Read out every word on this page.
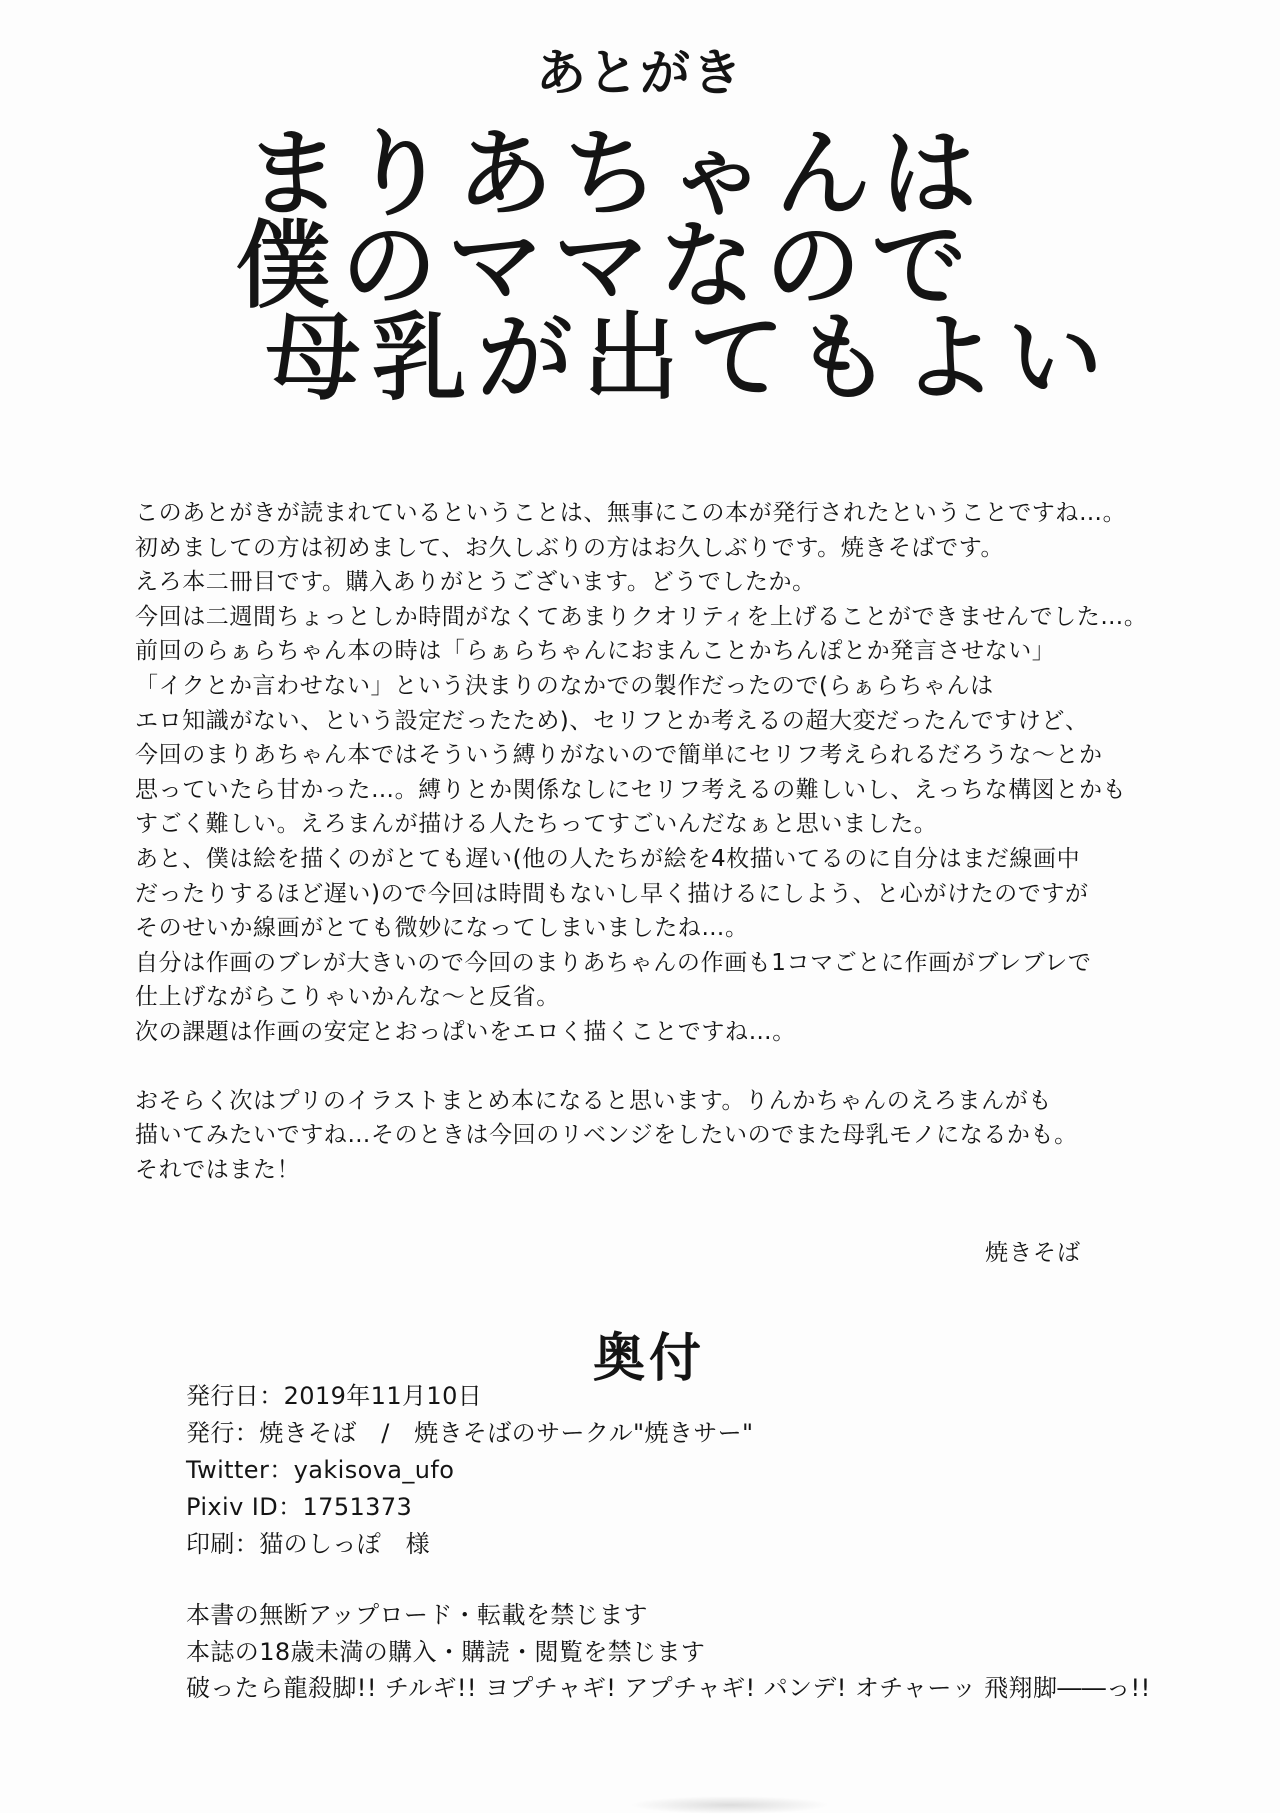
あとがき
まりあちゃんは
僕のママなので
母乳が出てもよい
このあとがきが読まれているということは、無事にこの本が発行されたということですね…。
初めましての方は初めまして、お久しぶりの方はお久しぶりです。焼きそばです。
えろ本二冊目です。購入ありがとうございます。どうでしたか。
今回は二週間ちょっとしか時間がなくてあまりクオリティを上げることができませんでした…。
前回のらぁらちゃん本の時は「らぁらちゃんにおまんことかちんぽとか発言させない」
「イクとか言わせない」という決まりのなかでの製作だったので(らぁらちゃんは
エロ知識がない、という設定だったため)、セリフとか考えるの超大変だったんですけど、
今回のまりあちゃん本ではそういう縛りがないので簡単にセリフ考えられるだろうな〜とか
思っていたら甘かった…。縛りとか関係なしにセリフ考えるの難しいし、えっちな構図とかも
すごく難しい。えろまんが描ける人たちってすごいんだなぁと思いました。
あと、僕は絵を描くのがとても遅い(他の人たちが絵を4枚描いてるのに自分はまだ線画中
だったりするほど遅い)ので今回は時間もないし早く描けるにしよう、と心がけたのですが
そのせいか線画がとても微妙になってしまいましたね…。
自分は作画のブレが大きいので今回のまりあちゃんの作画も1コマごとに作画がブレブレで
仕上げながらこりゃいかんな〜と反省。
次の課題は作画の安定とおっぱいをエロく描くことですね…。
おそらく次はプリのイラストまとめ本になると思います。りんかちゃんのえろまんがも
描いてみたいですね…そのときは今回のリベンジをしたいのでまた母乳モノになるかも。
それではまた！
焼きそば
奥付
発行日：2019年11月10日
発行：焼きそば　/　焼きそばのサークル"焼きサー"
Twitter：yakisova_ufo
Pixiv ID：1751373
印刷：猫のしっぽ　様
本書の無断アップロード・転載を禁じます
本誌の18歳未満の購入・購読・閲覧を禁じます
破ったら龍殺脚!! チルギ!! ヨプチャギ! アプチャギ! パンデ! オチャーッ 飛翔脚――っ!!
